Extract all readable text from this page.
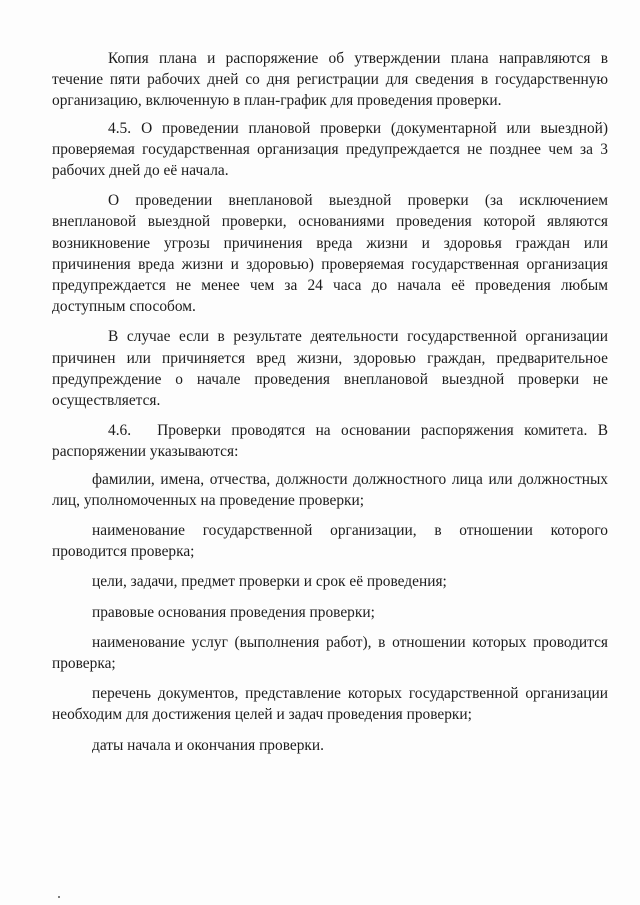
Копия плана и распоряжение об утверждении плана направляются в течение пяти рабочих дней со дня регистрации для сведения в государственную организацию, включенную в план-график для проведения проверки.

4.5. О проведении плановой проверки (документарной или выездной) проверяемая государственная организация предупреждается не позднее чем за 3 рабочих дней до её начала.

О проведении внеплановой выездной проверки (за исключением внеплановой выездной проверки, основаниями проведения которой являются возникновение угрозы причинения вреда жизни и здоровья граждан или причинения вреда жизни и здоровью) проверяемая государственная организация предупреждается не менее чем за 24 часа до начала её проведения любым доступным способом.

В случае если в результате деятельности государственной организации причинен или причиняется вред жизни, здоровью граждан, предварительное предупреждение о начале проведения внеплановой выездной проверки не осуществляется.

4.6. Проверки проводятся на основании распоряжения комитета. В распоряжении указываются:

фамилии, имена, отчества, должности должностного лица или должностных лиц, уполномоченных на проведение проверки;

наименование государственной организации, в отношении которого проводится проверка;

цели, задачи, предмет проверки и срок её проведения;

правовые основания проведения проверки;

наименование услуг (выполнения работ), в отношении которых проводится проверка;

перечень документов, представление которых государственной организации необходим для достижения целей и задач проведения проверки;

даты начала и окончания проверки.
